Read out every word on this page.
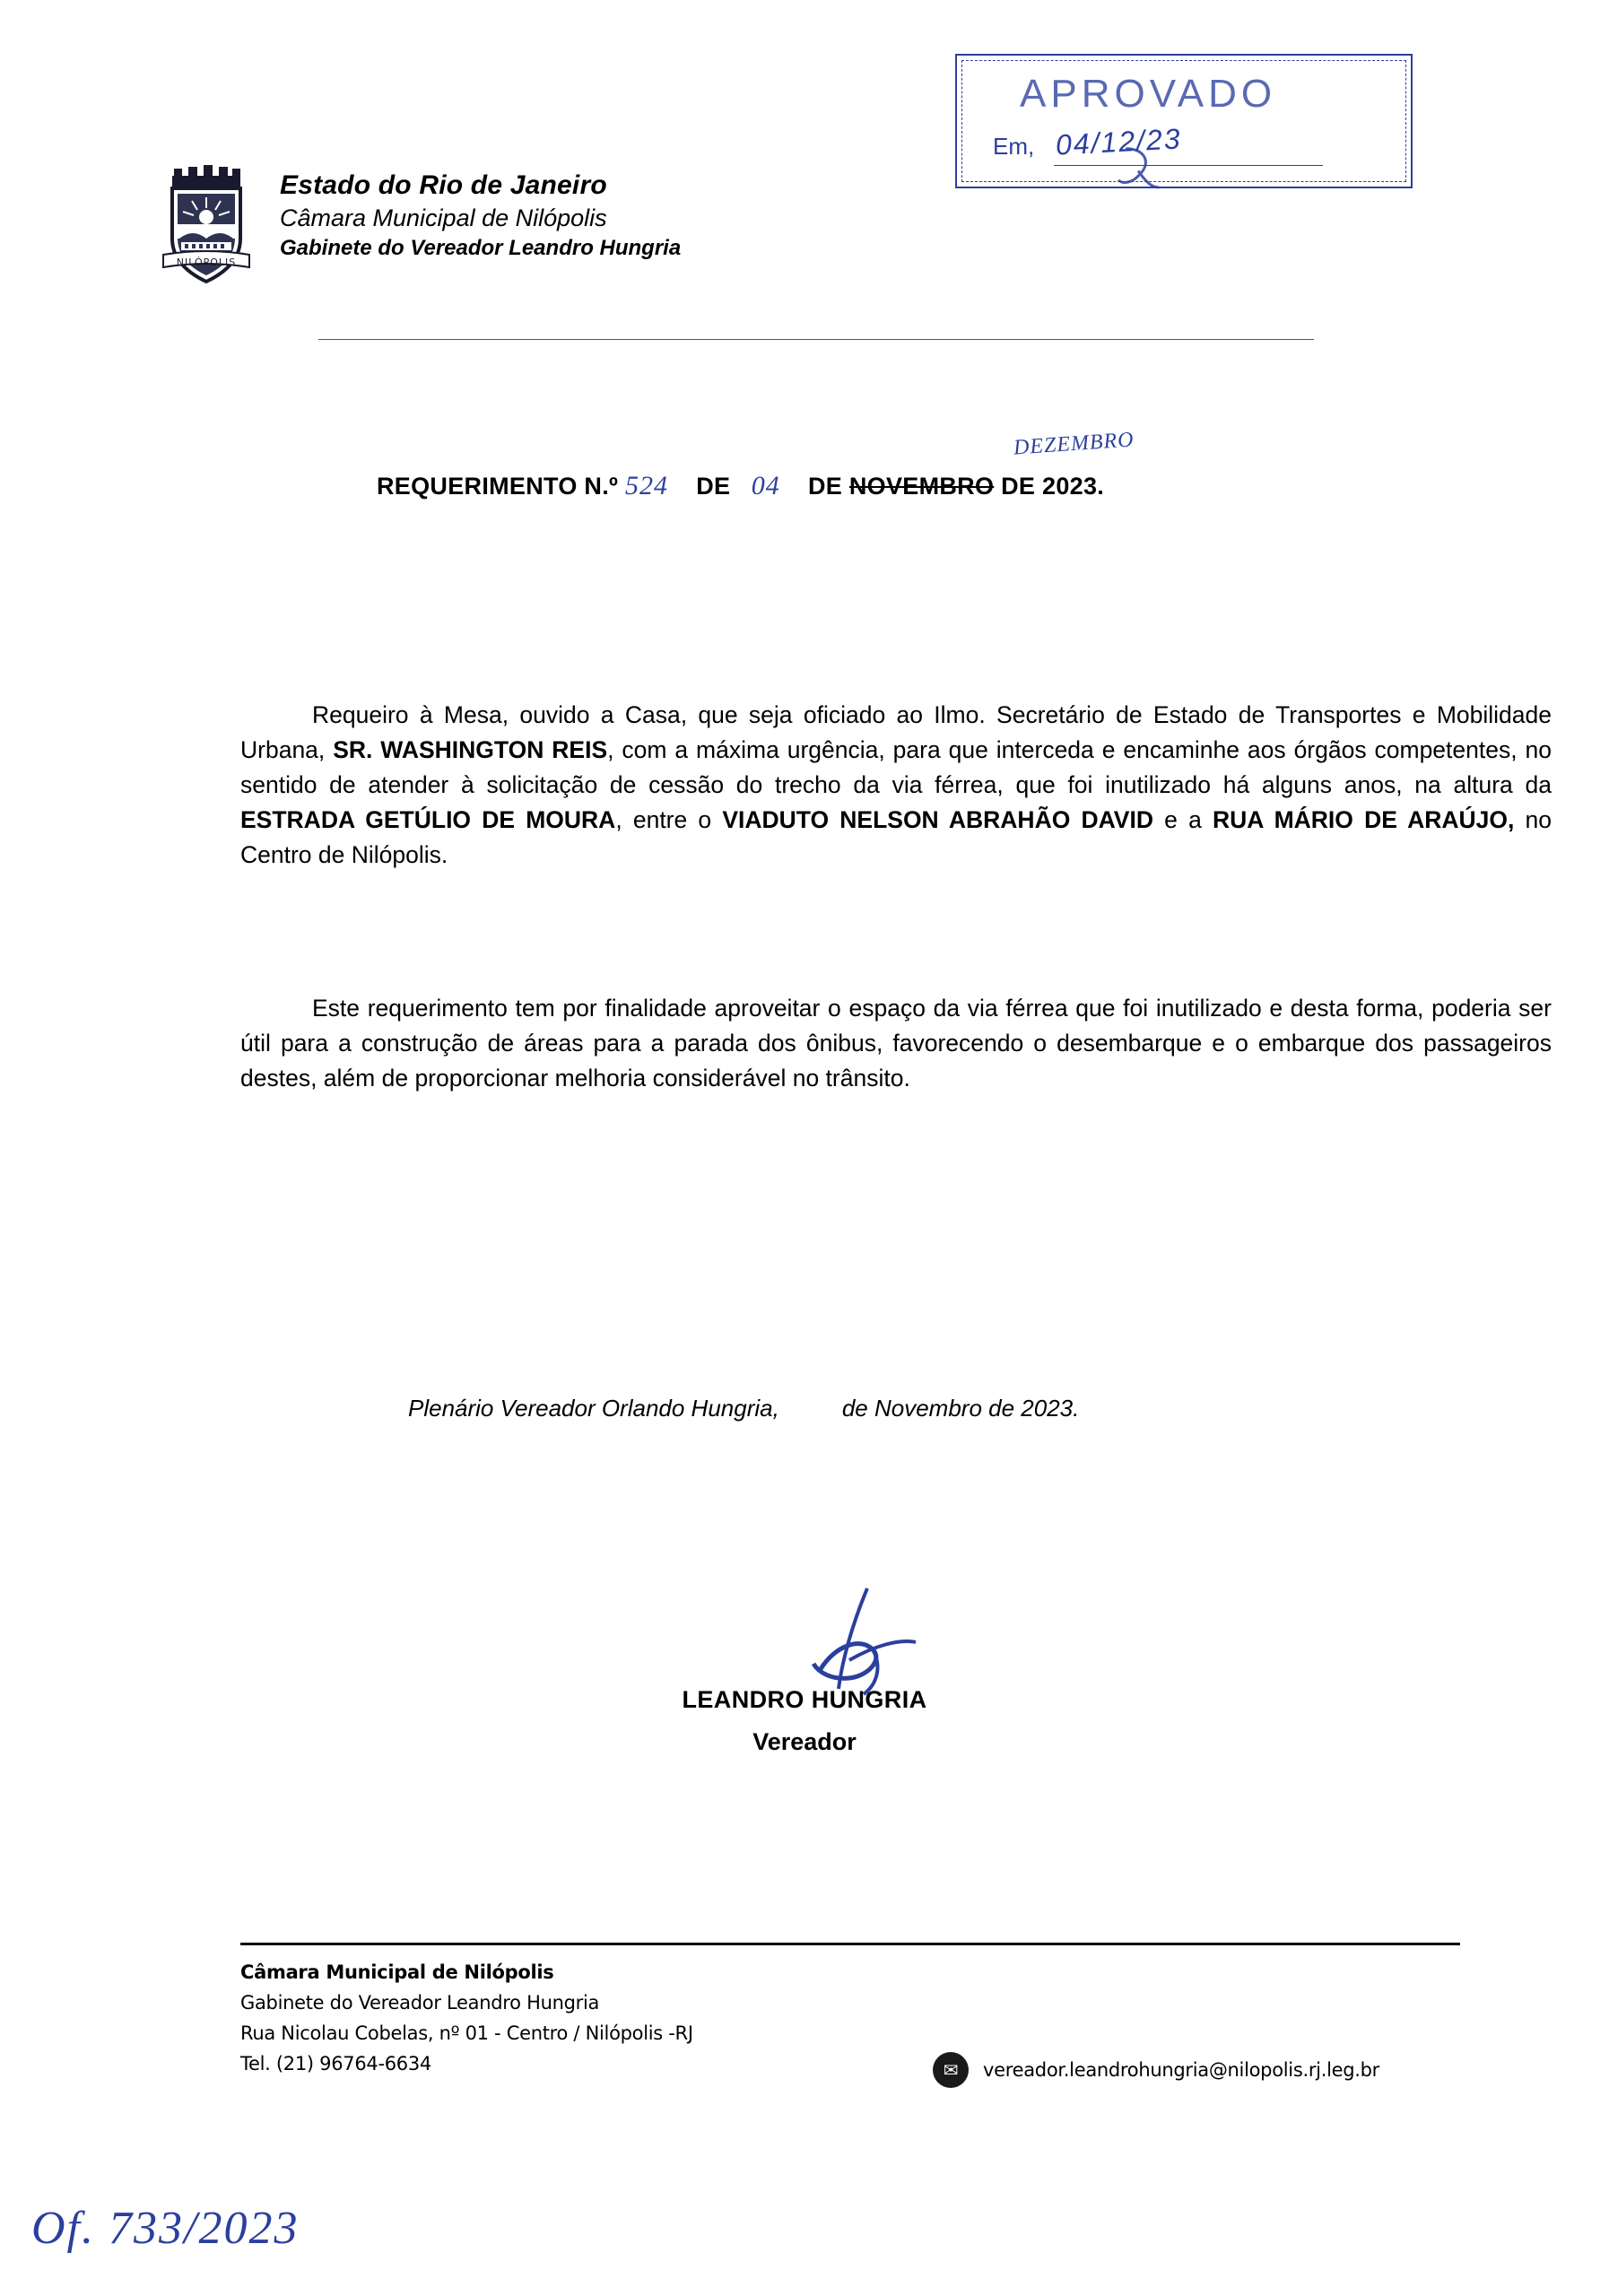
NILÓPOLIS
Estado do Rio de Janeiro
Câmara Municipal de Nilópolis
Gabinete do Vereador Leandro Hungria
APROVADO
Em, 04/12/23
DEZEMBRO
REQUERIMENTO N.º 524 DE 04 DE NOVEMBRO DE 2023.
Requeiro à Mesa, ouvido a Casa, que seja oficiado ao Ilmo. Secretário de Estado de Transportes e Mobilidade Urbana, SR. WASHINGTON REIS, com a máxima urgência, para que interceda e encaminhe aos órgãos competentes, no sentido de atender à solicitação de cessão do trecho da via férrea, que foi inutilizado há alguns anos, na altura da ESTRADA GETÚLIO DE MOURA, entre o VIADUTO NELSON ABRAHÃO DAVID e a RUA MÁRIO DE ARAÚJO, no Centro de Nilópolis.
Este requerimento tem por finalidade aproveitar o espaço da via férrea que foi inutilizado e desta forma, poderia ser útil para a construção de áreas para a parada dos ônibus, favorecendo o desembarque e o embarque dos passageiros destes, além de proporcionar melhoria considerável no trânsito.
Plenário Vereador Orlando Hungria,	de Novembro de 2023.
LEANDRO HUNGRIA
Vereador
Câmara Municipal de Nilópolis
Gabinete do Vereador Leandro Hungria
Rua Nicolau Cobelas, nº 01 - Centro / Nilópolis -RJ
Tel. (21) 96764-6634	✉	vereador.leandrohungria@nilopolis.rj.leg.br
Of. 733/2023
